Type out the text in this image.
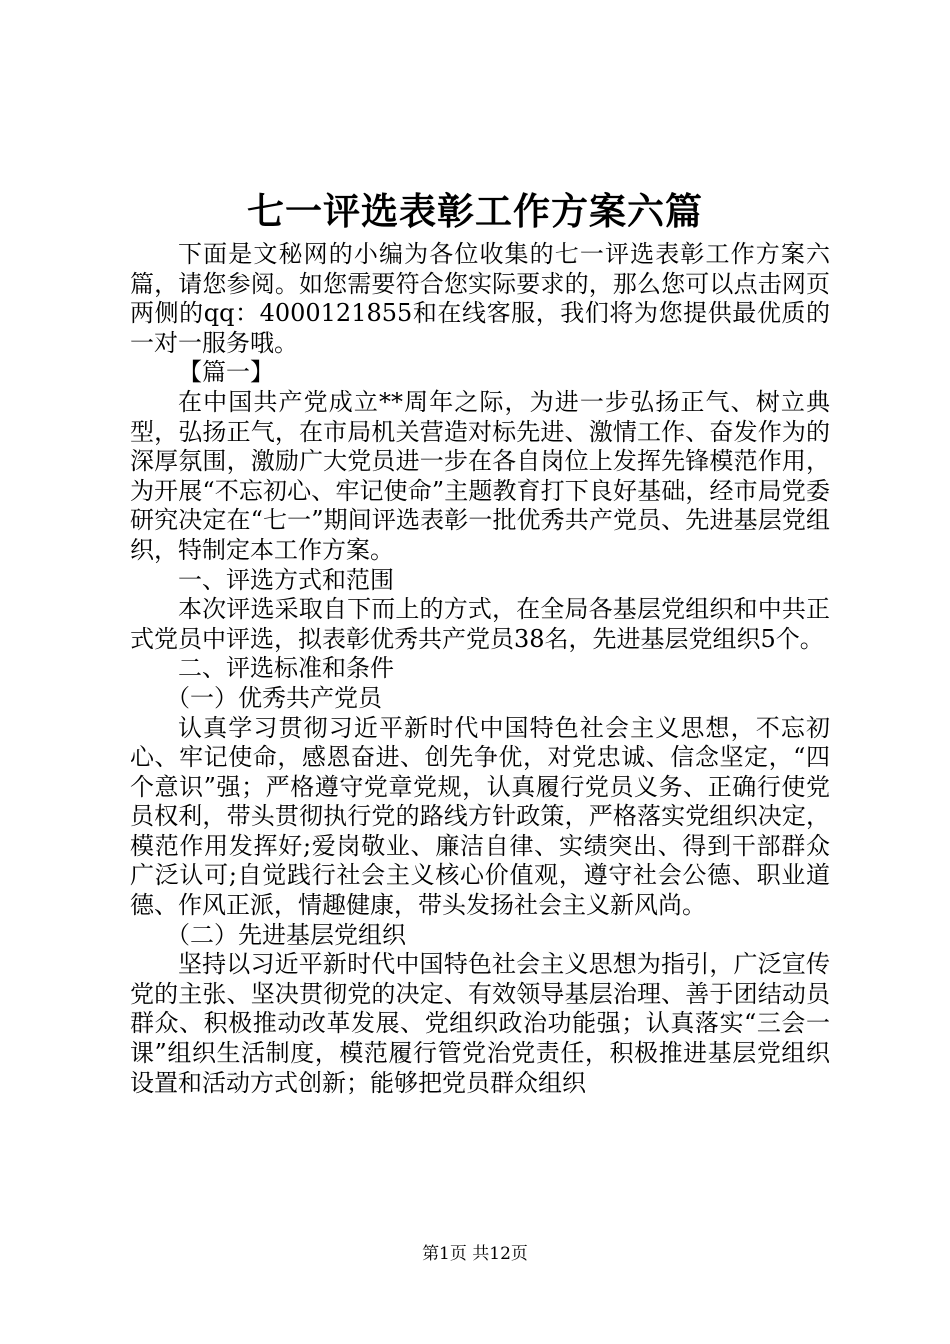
七一评选表彰工作方案六篇

下面是文秘网的小编为各位收集的七一评选表彰工作方案六篇，请您参阅。如您需要符合您实际要求的，那么您可以点击网页两侧的qq：4000121855和在线客服，我们将为您提供最优质的一对一服务哦。

【篇一】

在中国共产党成立**周年之际，为进一步弘扬正气、树立典型，弘扬正气，在市局机关营造对标先进、激情工作、奋发作为的深厚氛围，激励广大党员进一步在各自岗位上发挥先锋模范作用，为开展“不忘初心、牢记使命”主题教育打下良好基础，经市局党委研究决定在“七一”期间评选表彰一批优秀共产党员、先进基层党组织，特制定本工作方案。

一、评选方式和范围

本次评选采取自下而上的方式，在全局各基层党组织和中共正式党员中评选，拟表彰优秀共产党员38名，先进基层党组织5个。

二、评选标准和条件

（一）优秀共产党员

认真学习贯彻习近平新时代中国特色社会主义思想，不忘初心、牢记使命，感恩奋进、创先争优，对党忠诚、信念坚定，“四个意识”强；严格遵守党章党规，认真履行党员义务、正确行使党员权利，带头贯彻执行党的路线方针政策，严格落实党组织决定，模范作用发挥好;爱岗敬业、廉洁自律、实绩突出、得到干部群众广泛认可;自觉践行社会主义核心价值观，遵守社会公德、职业道德、作风正派，情趣健康，带头发扬社会主义新风尚。

（二）先进基层党组织

坚持以习近平新时代中国特色社会主义思想为指引，广泛宣传党的主张、坚决贯彻党的决定、有效领导基层治理、善于团结动员群众、积极推动改革发展、党组织政治功能强；认真落实“三会一课”组织生活制度，模范履行管党治党责任，积极推进基层党组织设置和活动方式创新；能够把党员群众组织

第1页 共12页
